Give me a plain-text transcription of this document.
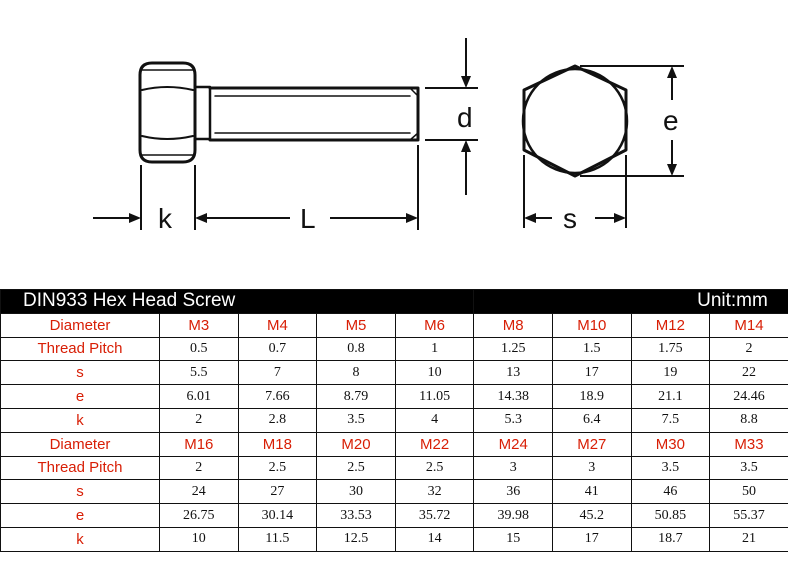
k	L
d
s
e
DIN933 Hex Head Screw					Unit:mm			
Diameter	M3	M4	M5	M6	M8	M10	M12	M14
Thread Pitch	0.5	0.7	0.8	1	1.25	1.5	1.75	2
s	5.5	7	8	10	13	17	19	22
e	6.01	7.66	8.79	11.05	14.38	18.9	21.1	24.46
k	2	2.8	3.5	4	5.3	6.4	7.5	8.8
Diameter	M16	M18	M20	M22	M24	M27	M30	M33
Thread Pitch	2	2.5	2.5	2.5	3	3	3.5	3.5
s	24	27	30	32	36	41	46	50
e	26.75	30.14	33.53	35.72	39.98	45.2	50.85	55.37
k	10	11.5	12.5	14	15	17	18.7	21
